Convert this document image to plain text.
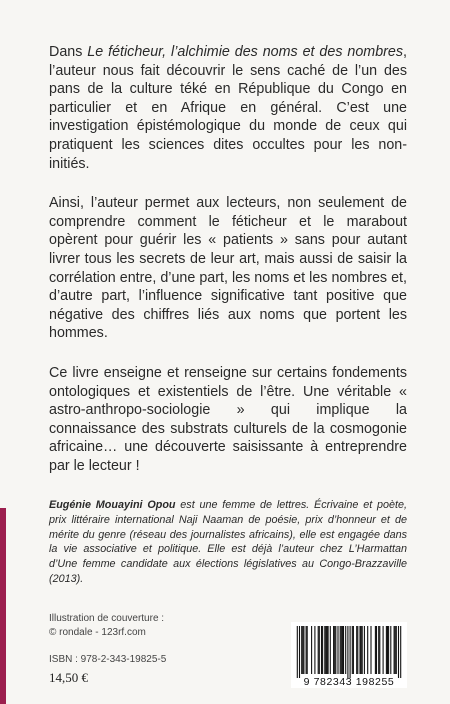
Dans Le féticheur, l’alchimie des noms et des nombres, l’auteur nous fait découvrir le sens caché de l’un des pans de la culture téké en République du Congo en particulier et en Afrique en général. C’est une investigation épistémologique du monde de ceux qui pratiquent les sciences dites occultes pour les non-initiés.

Ainsi, l’auteur permet aux lecteurs, non seulement de comprendre comment le féticheur et le marabout opèrent pour guérir les « patients » sans pour autant livrer tous les secrets de leur art, mais aussi de saisir la corrélation entre, d’une part, les noms et les nombres et, d’autre part, l’influence significative tant positive que négative des chiffres liés aux noms que portent les hommes.

Ce livre enseigne et renseigne sur certains fondements ontologiques et existentiels de l’être. Une véritable « astro-anthropo-sociologie » qui implique la connaissance des substrats culturels de la cosmogonie africaine… une découverte saisissante à entreprendre par le lecteur !

Eugénie Mouayini Opou est une femme de lettres. Écrivaine et poète, prix littéraire international Naji Naaman de poésie, prix d’honneur et de mérite du genre (réseau des journalistes africains), elle est engagée dans la vie associative et politique. Elle est déjà l’auteur chez L’Harmattan d’Une femme candidate aux élections législatives au Congo-Brazzaville (2013).

Illustration de couverture :
© rondale - 123rf.com
ISBN : 978-2-343-19825-5
14,50 €	9 782343 198255
